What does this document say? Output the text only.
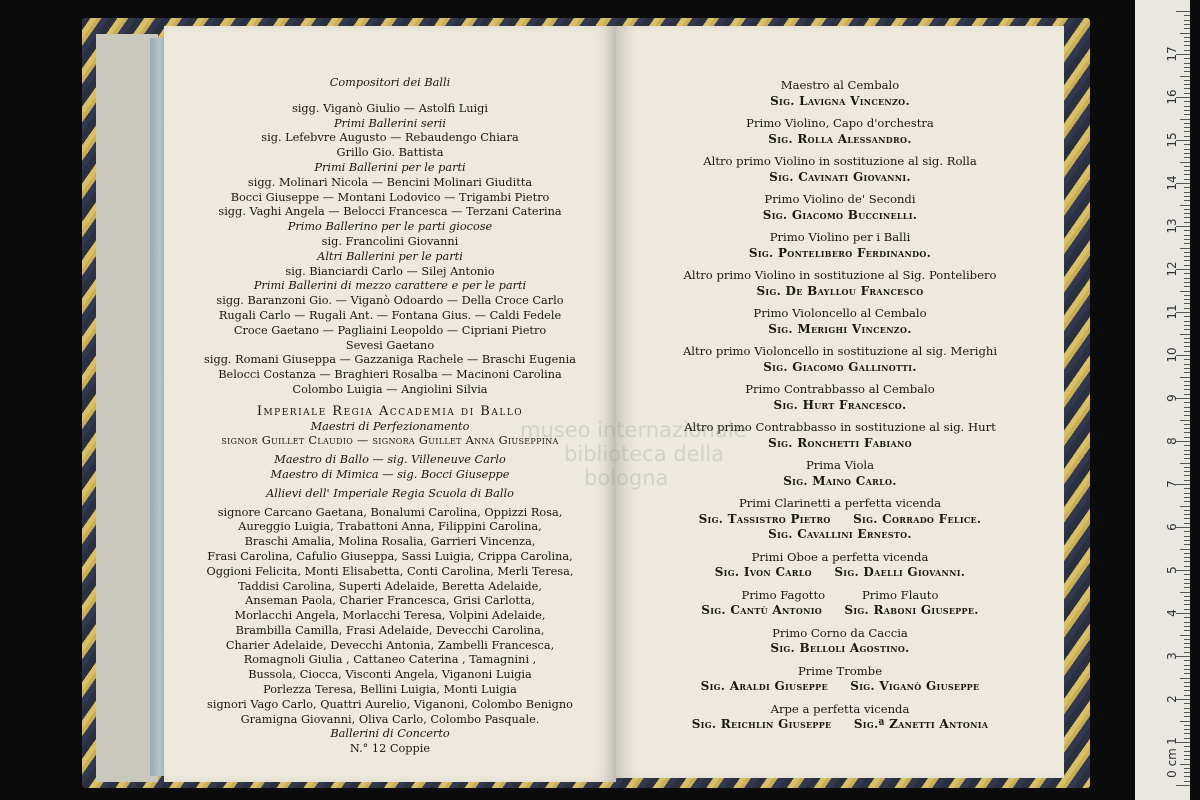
museo internazionale
biblioteca della
bologna
Compositori dei Balli
sigg. Viganò Giulio — Astolfi Luigi
Primi Ballerini serii
sig. Lefebvre Augusto — Rebaudengo Chiara
Grillo Gio. Battista
Primi Ballerini per le parti
sigg. Molinari Nicola — Bencini Molinari Giuditta
Bocci Giuseppe — Montani Lodovico — Trigambi Pietro
sigg. Vaghi Angela — Belocci Francesca — Terzani Caterina
Primo Ballerino per le parti giocose
sig. Francolini Giovanni
Altri Ballerini per le parti
sig. Bianciardi Carlo — Silej Antonio
Primi Ballerini di mezzo carattere e per le parti
sigg. Baranzoni Gio. — Viganò Odoardo — Della Croce Carlo
Rugali Carlo — Rugali Ant. — Fontana Gius. — Caldi Fedele
Croce Gaetano — Pagliaini Leopoldo — Cipriani Pietro
Sevesi Gaetano
sigg. Romani Giuseppa — Gazzaniga Rachele — Braschi Eugenia
Belocci Costanza — Braghieri Rosalba — Macinoni Carolina
Colombo Luigia — Angiolini Silvia
Imperiale Regia Accademia di Ballo
Maestri di Perfezionamento
signor Guillet Claudio — signora Guillet Anna Giuseppina
Maestro di Ballo — sig. Villeneuve Carlo
Maestro di Mimica — sig. Bocci Giuseppe
Allievi dell' Imperiale Regia Scuola di Ballo
signore Carcano Gaetana, Bonalumi Carolina, Oppizzi Rosa,
Aureggio Luigia, Trabattoni Anna, Filippini Carolina,
Braschi Amalia, Molina Rosalia, Garrieri Vincenza,
Frasi Carolina, Cafulio Giuseppa, Sassi Luigia, Crippa Carolina,
Oggioni Felicita, Monti Elisabetta, Conti Carolina, Merli Teresa,
Taddisi Carolina, Superti Adelaide, Beretta Adelaide,
Anseman Paola, Charier Francesca, Grisi Carlotta,
Morlacchi Angela, Morlacchi Teresa, Volpini Adelaide,
Brambilla Camilla, Frasi Adelaide, Devecchi Carolina,
Charier Adelaide, Devecchi Antonia, Zambelli Francesca,
Romagnoli Giulia , Cattaneo Caterina , Tamagnini ,
Bussola, Ciocca, Visconti Angela, Viganoni Luigia
Porlezza Teresa, Bellini Luigia, Monti Luigia
signori Vago Carlo, Quattri Aurelio, Viganoni, Colombo Benigno
Gramigna Giovanni, Oliva Carlo, Colombo Pasquale.
Ballerini di Concerto
N.° 12 Coppie
Maestro al Cembalo
Sig. Lavigna Vincenzo.
Primo Violino, Capo d'orchestra
Sig. Rolla Alessandro.
Altro primo Violino in sostituzione al sig. Rolla
Sig. Cavinati Giovanni.
Primo Violino de' Secondi
Sig. Giacomo Buccinelli.
Primo Violino per i Balli
Sig. Pontelibero Ferdinando.
Altro primo Violino in sostituzione al Sig. Pontelibero
Sig. De Bayllou Francesco
Primo Violoncello al Cembalo
Sig. Merighi Vincenzo.
Altro primo Violoncello in sostituzione al sig. Merighi
Sig. Giacomo Gallinotti.
Primo Contrabbasso al Cembalo
Sig. Hurt Francesco.
Altro primo Contrabbasso in sostituzione al sig. Hurt
Sig. Ronchetti Fabiano
Prima Viola
Sig. Maino Carlo.
Primi Clarinetti a perfetta vicenda
Sig. Tassistro Pietro     Sig. Corrado Felice.
Sig. Cavallini Ernesto.
Primi Oboe a perfetta vicenda
Sig. Ivon Carlo     Sig. Daelli Giovanni.
Primo Fagotto          Primo Flauto
Sig. Cantù Antonio     Sig. Raboni Giuseppe.
Primo Corno da Caccia
Sig. Belloli Agostino.
Prime Trombe
Sig. Araldi Giuseppe     Sig. Viganò Giuseppe
Arpe a perfetta vicenda
Sig. Reichlin Giuseppe     Sig.ª Zanetti Antonia
0 cm
1
2
3
4
5
6
7
8
9
10
11
12
13
14
15
16
17
